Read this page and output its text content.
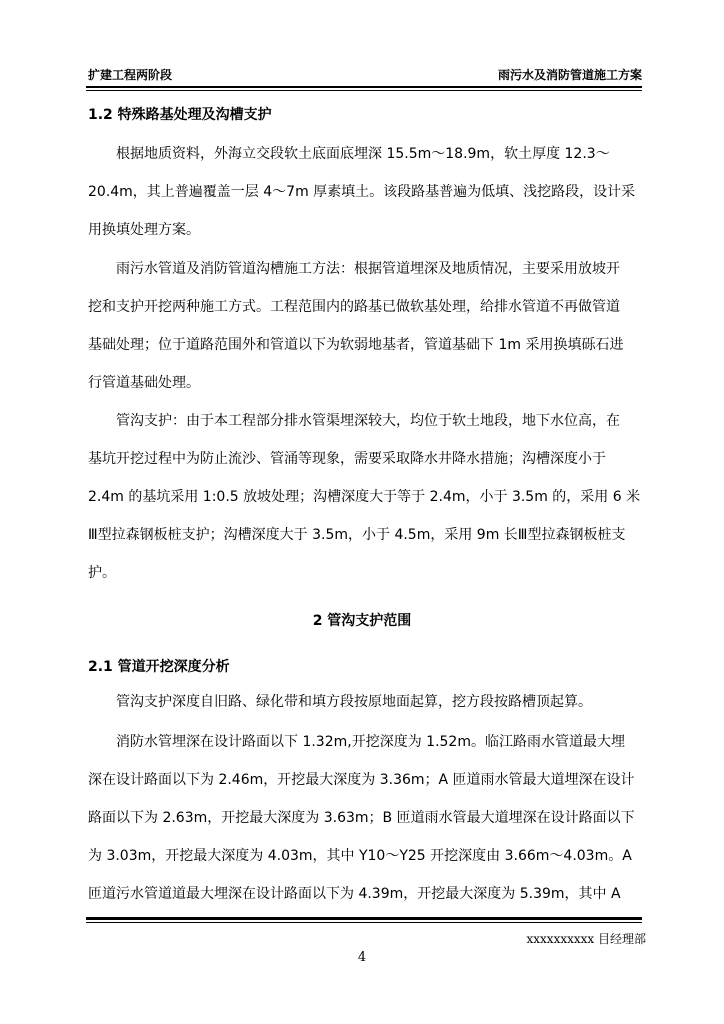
扩建工程两阶段	雨污水及消防管道施工方案
1.2 特殊路基处理及沟槽支护
根据地质资料，外海立交段软土底面底埋深 15.5m～18.9m，软土厚度 12.3～
20.4m，其上普遍覆盖一层 4～7m 厚素填土。该段路基普遍为低填、浅挖路段，设计采
用换填处理方案。
雨污水管道及消防管道沟槽施工方法：根据管道埋深及地质情况，主要采用放坡开
挖和支护开挖两种施工方式。工程范围内的路基已做软基处理，给排水管道不再做管道
基础处理；位于道路范围外和管道以下为软弱地基者，管道基础下 1m 采用换填砾石进
行管道基础处理。
管沟支护：由于本工程部分排水管渠埋深较大，均位于软土地段，地下水位高，在
基坑开挖过程中为防止流沙、管涌等现象，需要采取降水井降水措施；沟槽深度小于
2.4m 的基坑采用 1:0.5 放坡处理；沟槽深度大于等于 2.4m，小于 3.5m 的，采用 6 米
Ⅲ型拉森钢板桩支护；沟槽深度大于 3.5m，小于 4.5m，采用 9m 长Ⅲ型拉森钢板桩支
护。
2 管沟支护范围
2.1 管道开挖深度分析
管沟支护深度自旧路、绿化带和填方段按原地面起算，挖方段按路槽顶起算。
消防水管埋深在设计路面以下 1.32m,开挖深度为 1.52m。临江路雨水管道最大埋
深在设计路面以下为 2.46m，开挖最大深度为 3.36m；A 匝道雨水管最大道埋深在设计
路面以下为 2.63m，开挖最大深度为 3.63m；B 匝道雨水管最大道埋深在设计路面以下
为 3.03m，开挖最大深度为 4.03m，其中 Y10～Y25 开挖深度由 3.66m～4.03m。A
匝道污水管道道最大埋深在设计路面以下为 4.39m，开挖最大深度为 5.39m，其中 A
xxxxxxxxxx 目经理部
4
